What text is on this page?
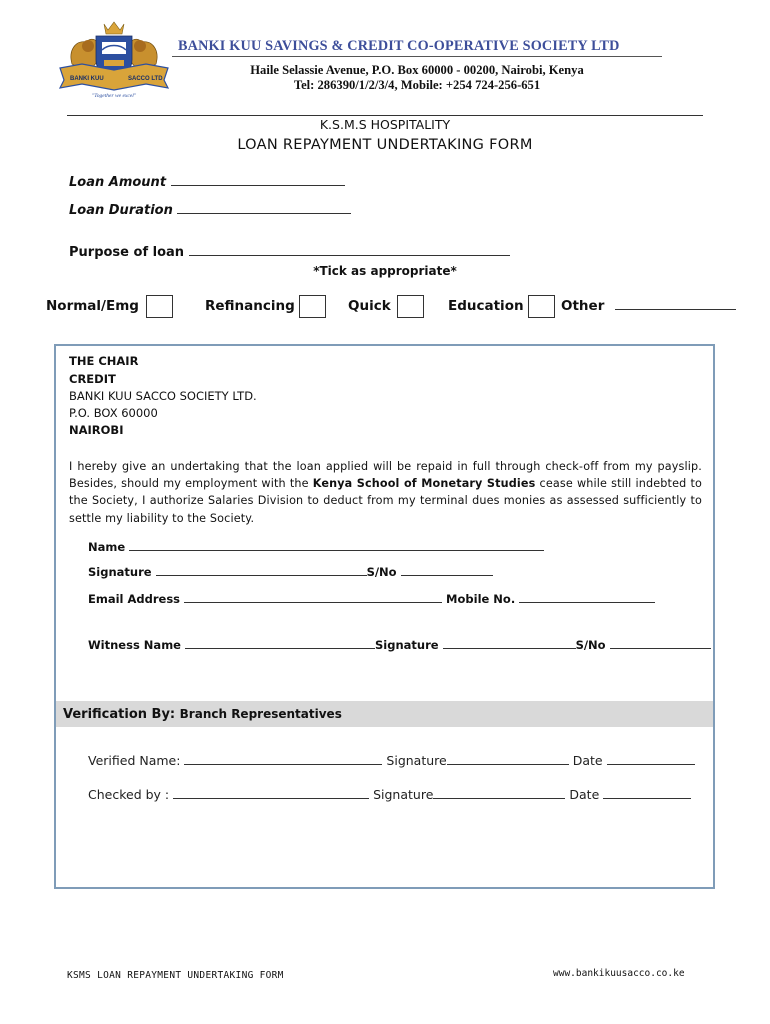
BANKI KUU	SACCO LTD
"Together we excel"
BANKI KUU SAVINGS & CREDIT CO-OPERATIVE SOCIETY LTD
Haile Selassie Avenue, P.O. Box 60000 - 00200, Nairobi, Kenya
Tel: 286390/1/2/3/4, Mobile: +254 724-256-651
K.S.M.S HOSPITALITY
LOAN REPAYMENT UNDERTAKING FORM
Loan Amount
Loan Duration
Purpose of loan
*Tick as appropriate*
Normal/Emg	Refinancing	Quick	Education	Other
THE CHAIR
CREDIT
BANKI KUU SACCO SOCIETY LTD.
P.O. BOX 60000
NAIROBI

I hereby give an undertaking that the loan applied will be repaid in full through check-off from my payslip. Besides, should my employment with the Kenya School of Monetary Studies cease while still indebted to the Society, I authorize Salaries Division to deduct from my terminal dues monies as assessed sufficiently to settle my liability to the Society.

Name
Signature	S/No
Email Address	Mobile No.
Witness Name	Signature	S/No
Verification By: Branch Representatives
Verified Name:	Signature	Date
Checked by :	Signature	Date
KSMS LOAN REPAYMENT UNDERTAKING FORM	www.bankikuusacco.co.ke
